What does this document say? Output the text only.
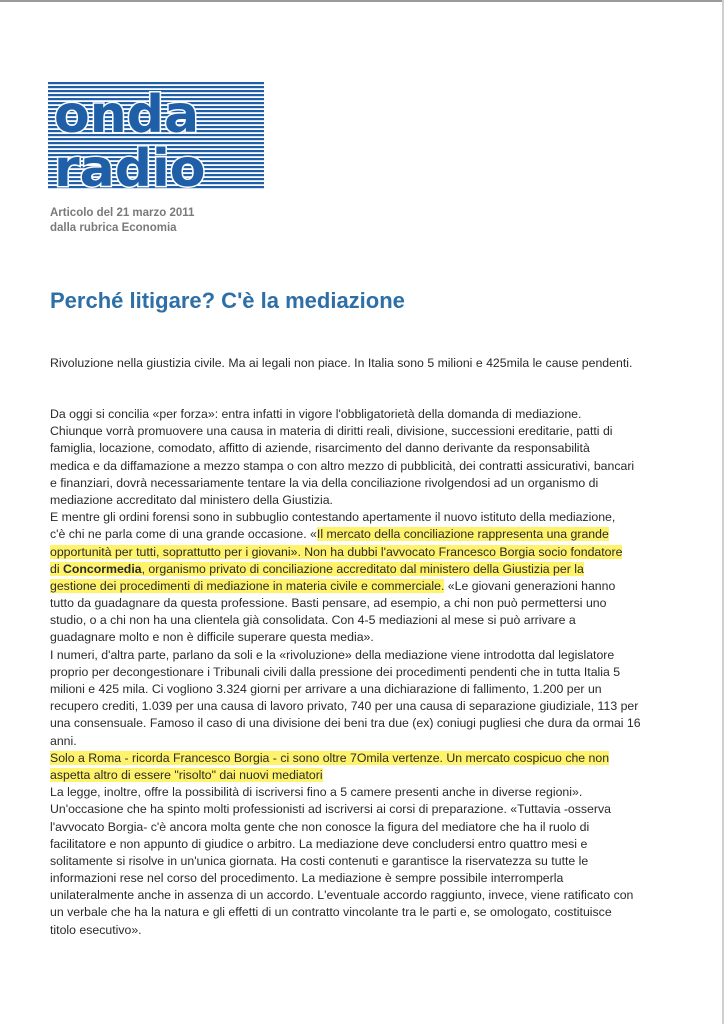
onda
radio
Articolo del 21 marzo 2011
dalla rubrica Economia
Perché litigare? C'è la mediazione

Rivoluzione nella giustizia civile. Ma ai legali non piace. In Italia sono 5 milioni e 425mila le cause pendenti.

Da oggi si concilia «per forza»: entra infatti in vigore l'obbligatorietà della domanda di mediazione.
Chiunque vorrà promuovere una causa in materia di diritti reali, divisione, successioni ereditarie, patti di
famiglia, locazione, comodato, affitto di aziende, risarcimento del danno derivante da responsabilità
medica e da diffamazione a mezzo stampa o con altro mezzo di pubblicità, dei contratti assicurativi, bancari
e finanziari, dovrà necessariamente tentare la via della conciliazione rivolgendosi ad un organismo di
mediazione accreditato dal ministero della Giustizia.
E mentre gli ordini forensi sono in subbuglio contestando apertamente il nuovo istituto della mediazione,
c'è chi ne parla come di una grande occasione. «Il mercato della conciliazione rappresenta una grande
opportunità per tutti, soprattutto per i giovani». Non ha dubbi l'avvocato Francesco Borgia socio fondatore
di Concormedia, organismo privato di conciliazione accreditato dal ministero della Giustizia per la
gestione dei procedimenti di mediazione in materia civile e commerciale. «Le giovani generazioni hanno
tutto da guadagnare da questa professione. Basti pensare, ad esempio, a chi non può permettersi uno
studio, o a chi non ha una clientela già consolidata. Con 4-5 mediazioni al mese si può arrivare a
guadagnare molto e non è difficile superare questa media».
I numeri, d'altra parte, parlano da soli e la «rivoluzione» della mediazione viene introdotta dal legislatore
proprio per decongestionare i Tribunali civili dalla pressione dei procedimenti pendenti che in tutta Italia 5
milioni e 425 mila. Ci vogliono 3.324 giorni per arrivare a una dichiarazione di fallimento, 1.200 per un
recupero crediti, 1.039 per una causa di lavoro privato, 740 per una causa di separazione giudiziale, 113 per
una consensuale. Famoso il caso di una divisione dei beni tra due (ex) coniugi pugliesi che dura da ormai 16
anni.
Solo a Roma - ricorda Francesco Borgia - ci sono oltre 7Omila vertenze. Un mercato cospicuo che non
aspetta altro di essere "risolto" dai nuovi mediatori
La legge, inoltre, offre la possibilità di iscriversi fino a 5 camere presenti anche in diverse regioni».
Un'occasione che ha spinto molti professionisti ad iscriversi ai corsi di preparazione. «Tuttavia -osserva
l'avvocato Borgia- c'è ancora molta gente che non conosce la figura del mediatore che ha il ruolo di
facilitatore e non appunto di giudice o arbitro. La mediazione deve concludersi entro quattro mesi e
solitamente si risolve in un'unica giornata. Ha costi contenuti e garantisce la riservatezza su tutte le
informazioni rese nel corso del procedimento. La mediazione è sempre possibile interromperla
unilateralmente anche in assenza di un accordo. L'eventuale accordo raggiunto, invece, viene ratificato con
un verbale che ha la natura e gli effetti di un contratto vincolante tra le parti e, se omologato, costituisce
titolo esecutivo».
